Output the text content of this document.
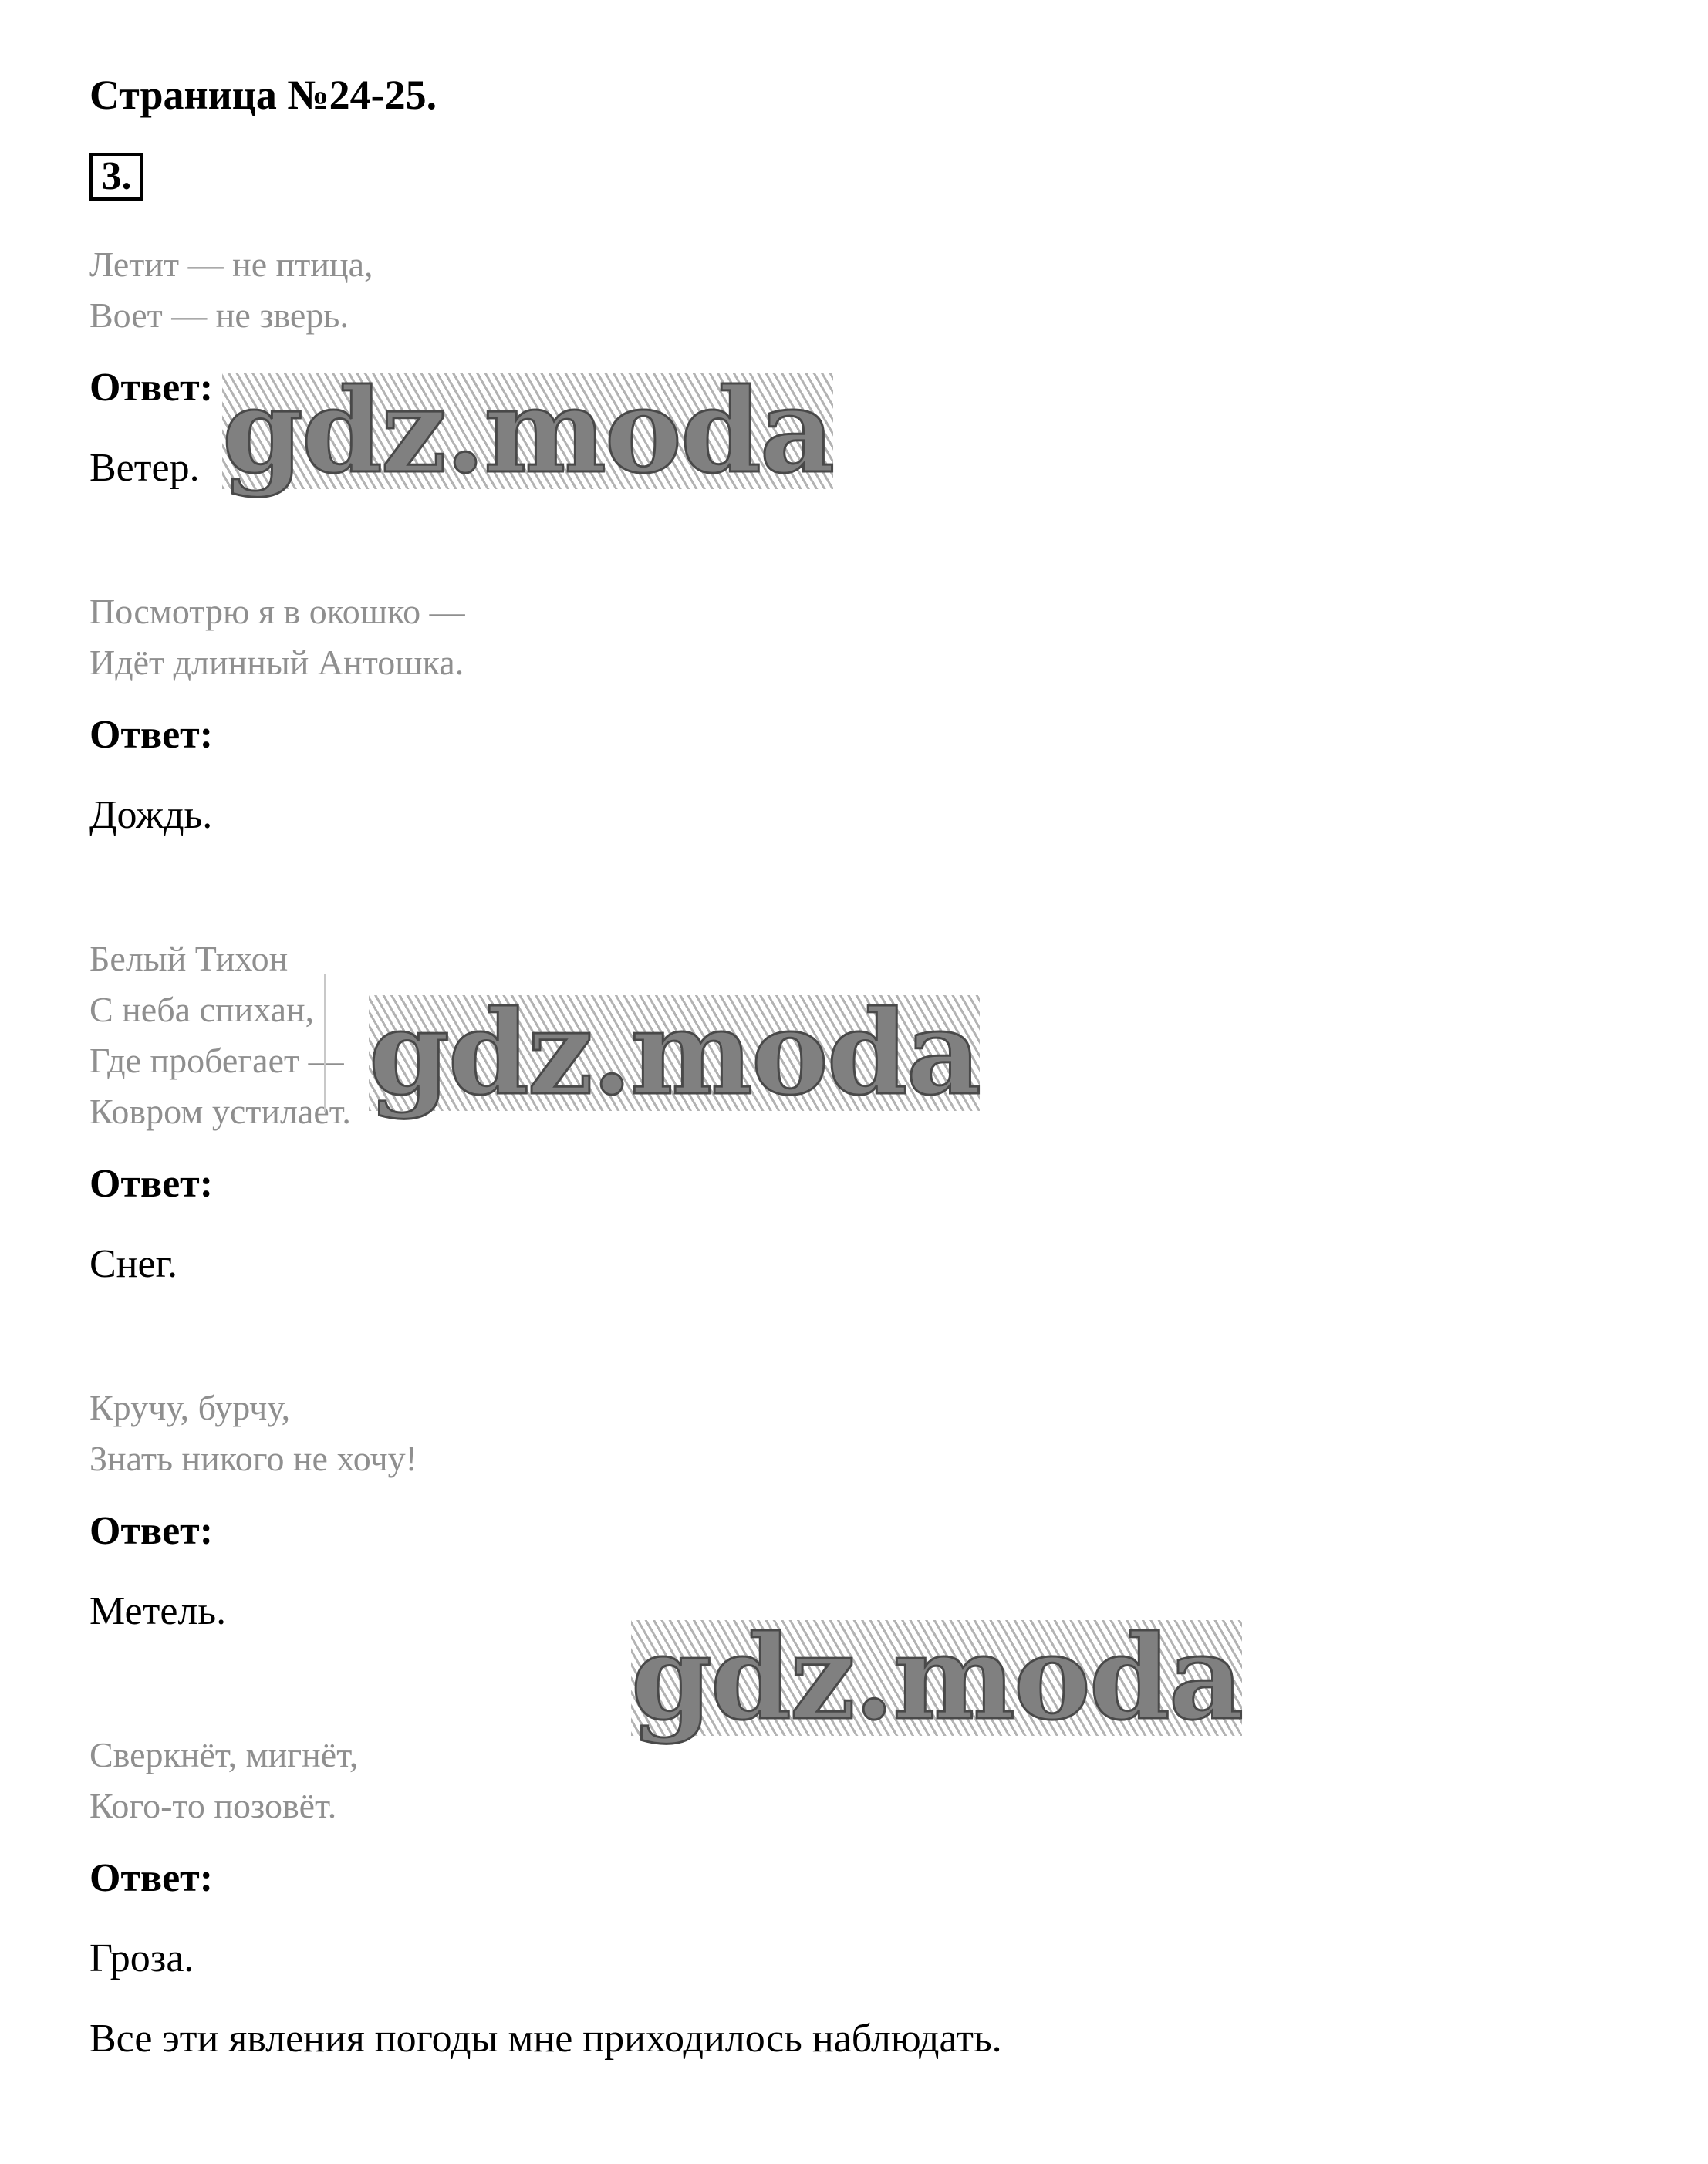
Страница №24-25.
3.
Летит — не птица,
Воет — не зверь.
Ответ:
Ветер.
Посмотрю я в окошко —
Идёт длинный Антошка.
Ответ:
Дождь.
Белый Тихон
С неба спихан,
Где пробегает —
Ковром устилает.
Ответ:
Снег.
Кручу, бурчу,
Знать никого не хочу!
Ответ:
Метель.
Сверкнёт, мигнёт,
Кого-то позовёт.
Ответ:
Гроза.
Все эти явления погоды мне приходилось наблюдать.
gdz.moda
gdz.moda
gdz.moda
